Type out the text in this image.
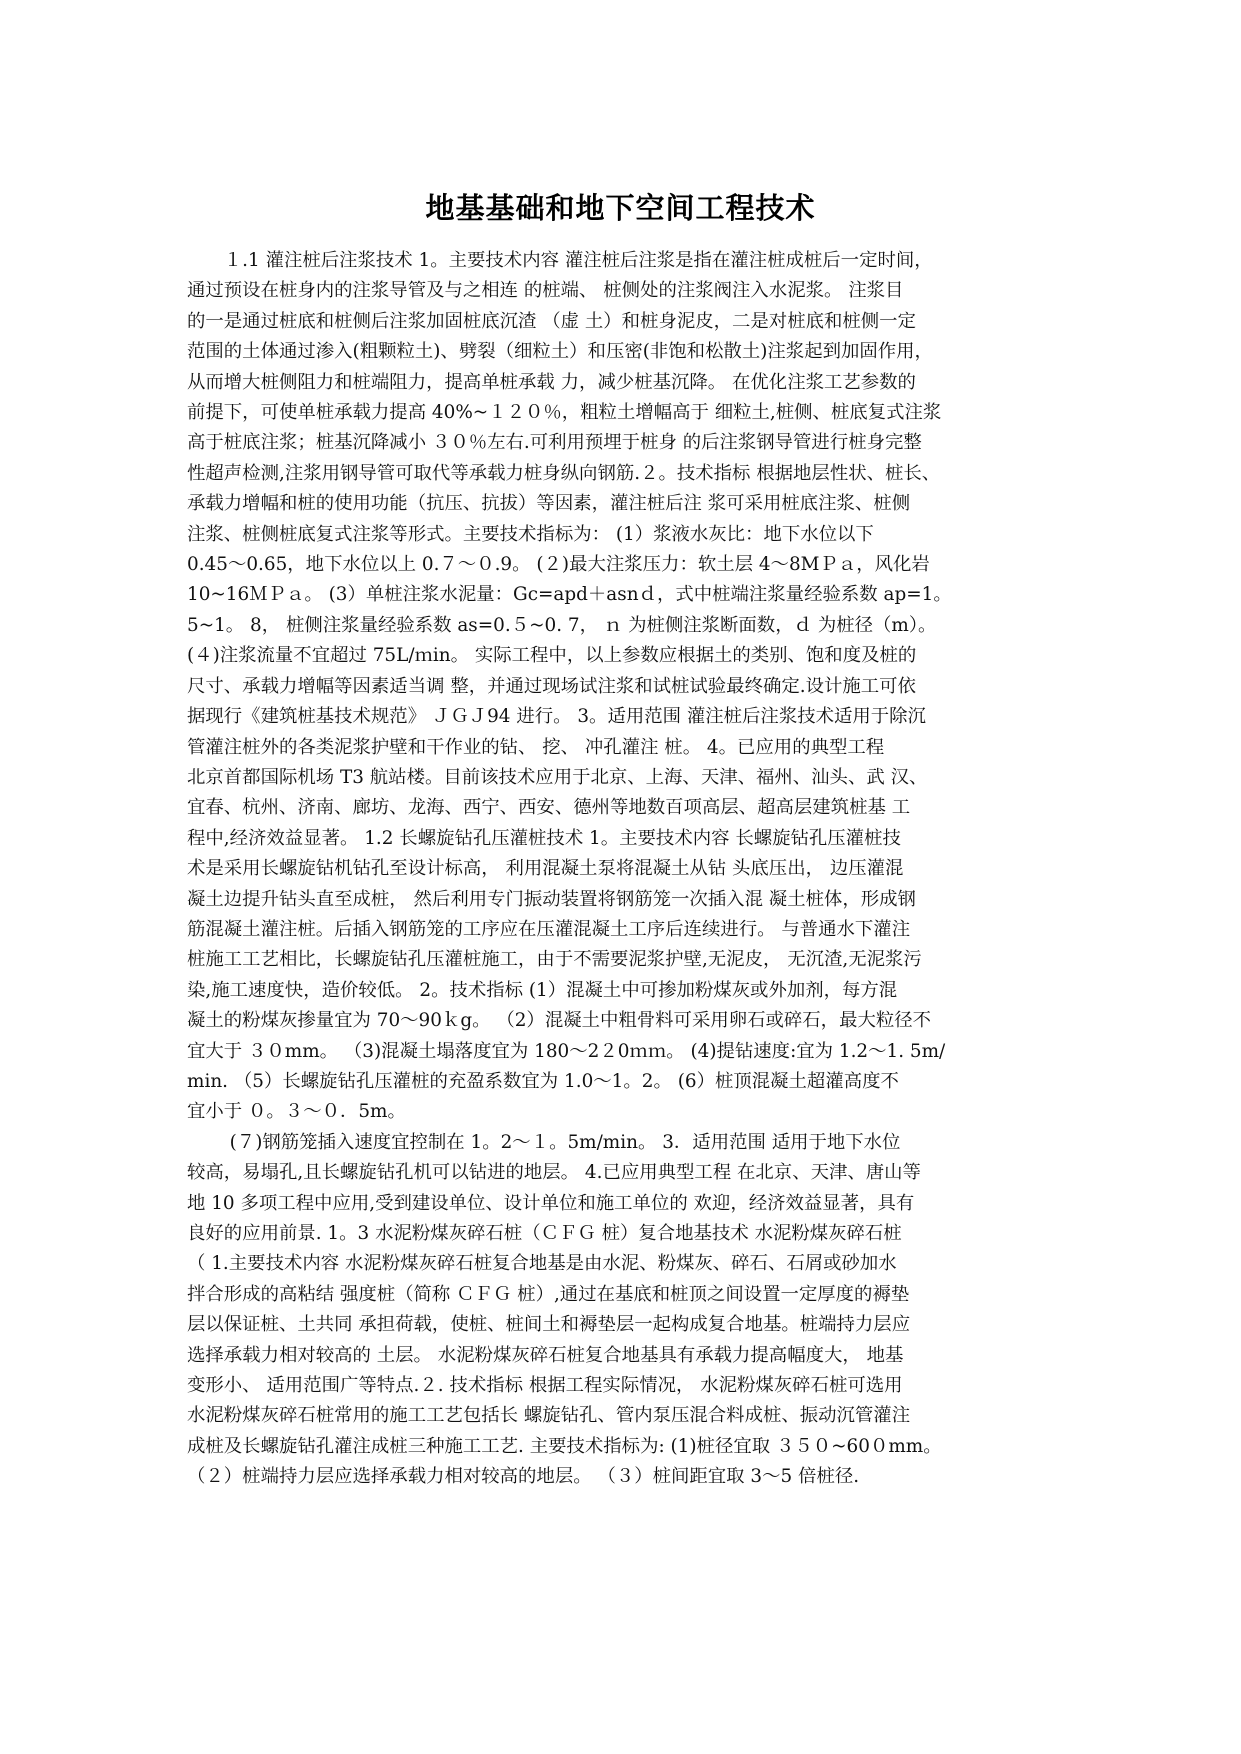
地基基础和地下空间工程技术
　　１.1 灌注桩后注浆技术 1。主要技术内容 灌注桩后注浆是指在灌注桩成桩后一定时间，
通过预设在桩身内的注浆导管及与之相连 的桩端、 桩侧处的注浆阀注入水泥浆。 注浆目
的一是通过桩底和桩侧后注浆加固桩底沉渣 （虚 土）和桩身泥皮，二是对桩底和桩侧一定
范围的土体通过渗入(粗颗粒土)、劈裂（细粒土）和压密(非饱和松散土)注浆起到加固作用，
从而增大桩侧阻力和桩端阻力，提高单桩承载 力，减少桩基沉降。 在优化注浆工艺参数的
前提下，可使单桩承载力提高 40%~１２０％，粗粒土增幅高于 细粒土,桩侧、桩底复式注浆
高于桩底注浆；桩基沉降减小 ３０％左右.可利用预埋于桩身 的后注浆钢导管进行桩身完整
性超声检测,注浆用钢导管可取代等承载力桩身纵向钢筋.２。技术指标 根据地层性状、桩长、
承载力增幅和桩的使用功能（抗压、抗拔）等因素，灌注桩后注 浆可采用桩底注浆、桩侧
注浆、桩侧桩底复式注浆等形式。主要技术指标为： (1）浆液水灰比：地下水位以下
0.45～0.65，地下水位以上 0.７～０.9。 (２)最大注浆压力：软土层 4～8MＰａ，风化岩
10~16ＭＰａ。 (3）单桩注浆水泥量：Gc=apd＋asnｄ，式中桩端注浆量经验系数 ap=1。
5~1。 8， 桩侧注浆量经验系数 as=0.５~0. 7， ｎ 为桩侧注浆断面数，ｄ 为桩径（m）。
(４)注浆流量不宜超过 75L/ｍin。 实际工程中，以上参数应根据土的类别、饱和度及桩的
尺寸、承载力增幅等因素适当调 整，并通过现场试注浆和试桩试验最终确定.设计施工可依
据现行《建筑桩基技术规范》 ＪＧＪ94 进行。 3。适用范围 灌注桩后注浆技术适用于除沉
管灌注桩外的各类泥浆护壁和干作业的钻、 挖、 冲孔灌注 桩。 4。已应用的典型工程
北京首都国际机场 T3 航站楼。目前该技术应用于北京、上海、天津、福州、汕头、武 汉、
宜春、杭州、济南、廊坊、龙海、西宁、西安、德州等地数百项高层、超高层建筑桩基 工
程中,经济效益显著。 1.2 长螺旋钻孔压灌桩技术 1。主要技术内容 长螺旋钻孔压灌桩技
术是采用长螺旋钻机钻孔至设计标高， 利用混凝土泵将混凝土从钻 头底压出， 边压灌混
凝土边提升钻头直至成桩， 然后利用专门振动装置将钢筋笼一次插入混 凝土桩体，形成钢
筋混凝土灌注桩。后插入钢筋笼的工序应在压灌混凝土工序后连续进行。 与普通水下灌注
桩施工工艺相比，长螺旋钻孔压灌桩施工，由于不需要泥浆护壁,无泥皮， 无沉渣,无泥浆污
染,施工速度快，造价较低。 2。技术指标 (1）混凝土中可掺加粉煤灰或外加剂，每方混
凝土的粉煤灰掺量宜为 70～90ｋg。 （2）混凝土中粗骨料可采用卵石或碎石，最大粒径不
宜大于 ３０mm。 （3)混凝土塌落度宜为 180～2２0ｍｍ。 (4)提钻速度:宜为 1.2～1. 5m/
min. （5）长螺旋钻孔压灌桩的充盈系数宜为 1.0～1。2。 (6）桩顶混凝土超灌高度不
宜小于 ０。３～０．5m。
　　 (７)钢筋笼插入速度宜控制在 1。2～１。5m/min。 3．适用范围 适用于地下水位
较高，易塌孔,且长螺旋钻孔机可以钻进的地层。 4.已应用典型工程 在北京、天津、唐山等
地 10 多项工程中应用,受到建设单位、设计单位和施工单位的 欢迎，经济效益显著，具有
良好的应用前景. 1。3 水泥粉煤灰碎石桩（ＣＦＧ 桩）复合地基技术 水泥粉煤灰碎石桩
（ 1.主要技术内容 水泥粉煤灰碎石桩复合地基是由水泥、粉煤灰、碎石、石屑或砂加水
拌合形成的高粘结 强度桩（简称 ＣＦＧ 桩）,通过在基底和桩顶之间设置一定厚度的褥垫
层以保证桩、土共同 承担荷载，使桩、桩间土和褥垫层一起构成复合地基。桩端持力层应
选择承载力相对较高的 土层。 水泥粉煤灰碎石桩复合地基具有承载力提高幅度大， 地基
变形小、 适用范围广等特点.２. 技术指标 根据工程实际情况， 水泥粉煤灰碎石桩可选用
水泥粉煤灰碎石桩常用的施工工艺包括长 螺旋钻孔、管内泵压混合料成桩、振动沉管灌注
成桩及长螺旋钻孔灌注成桩三种施工工艺. 主要技术指标为: (1)桩径宜取 ３５０~60０mm。
（２）桩端持力层应选择承载力相对较高的地层。 （３）桩间距宜取 3～5 倍桩径.
